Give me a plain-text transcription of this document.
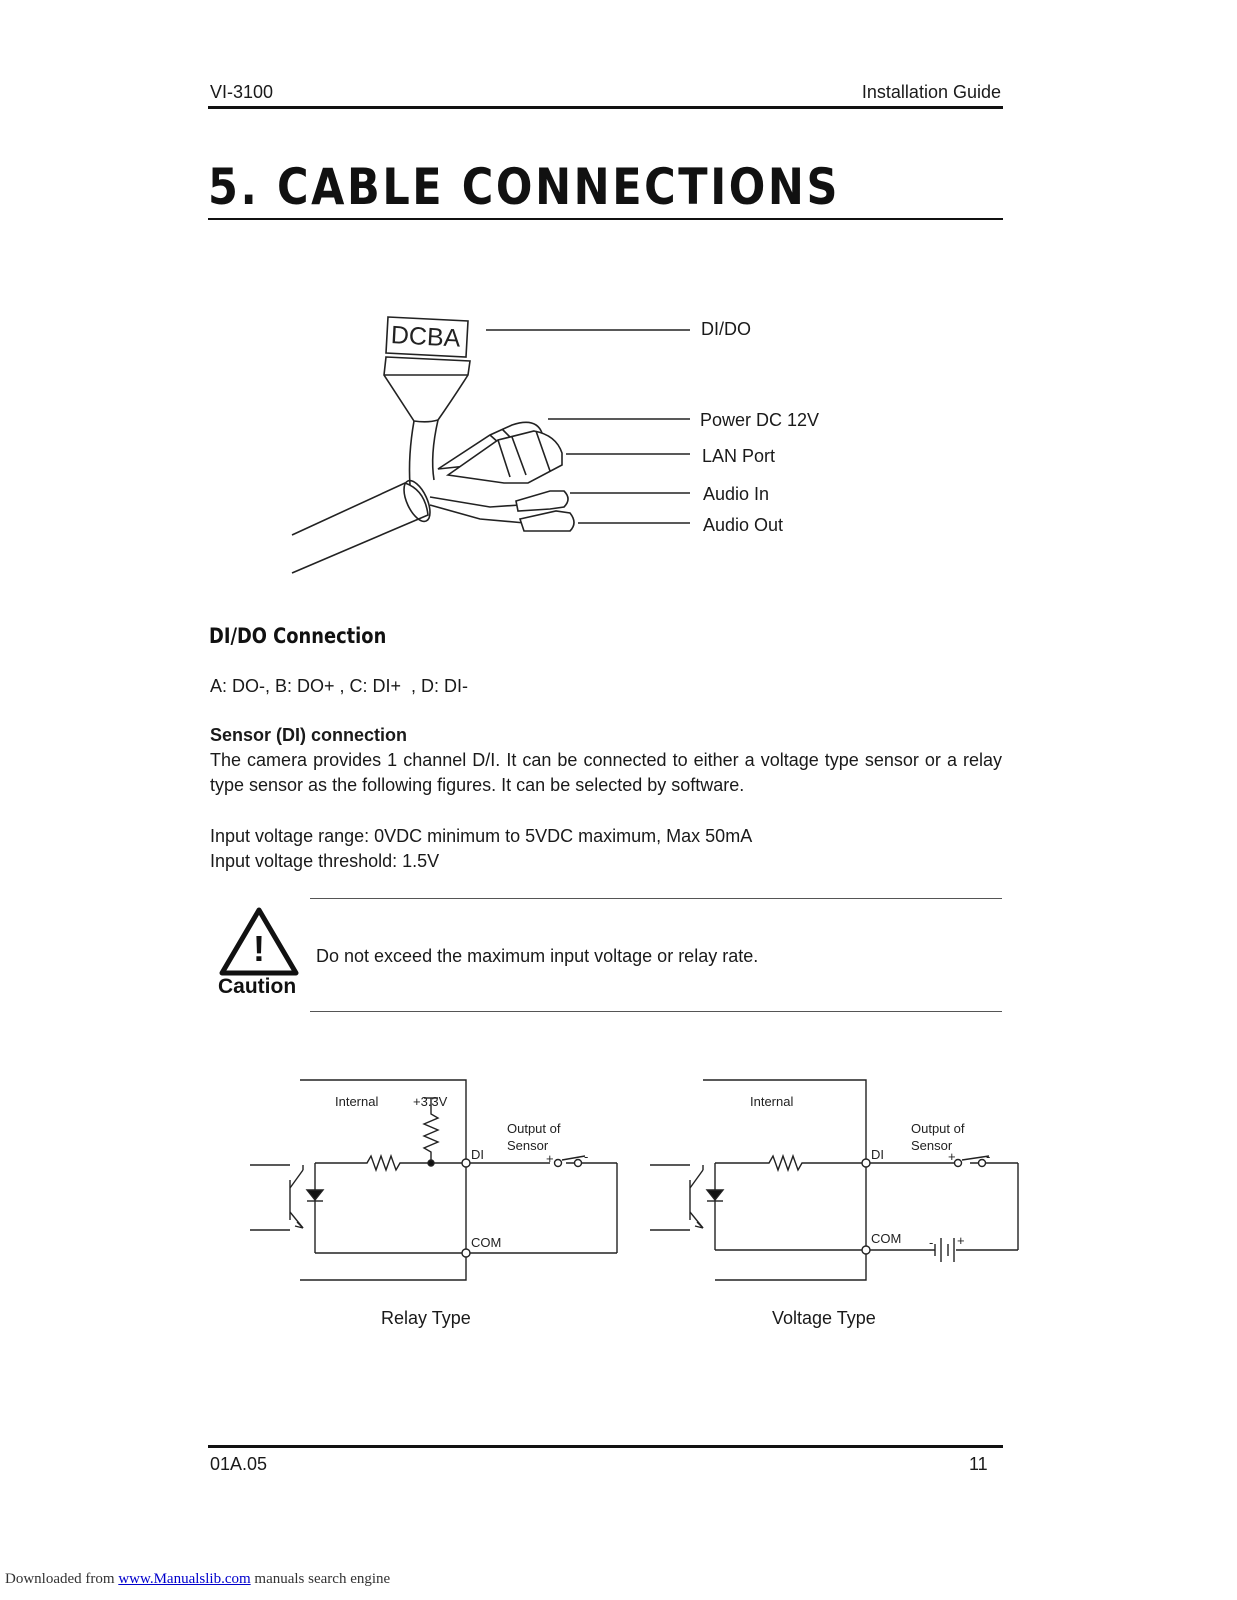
VI-3100	Installation Guide
5. CABLE CONNECTIONS
DCBA	DI/DO
Power DC 12V
LAN Port
Audio In
Audio Out
DI/DO Connection
A: DO-, B: DO+ , C: DI+  , D: DI-
Sensor (DI) connection
The camera provides 1 channel D/I. It can be connected to either a voltage type sensor or a relay type sensor as the following figures. It can be selected by software.
Input voltage range: 0VDC minimum to 5VDC maximum, Max 50mA
Input voltage threshold: 1.5V
!
Caution
Do not exceed the maximum input voltage or relay rate.
Internal	+3.3V
DI
COM
Output of
Sensor
+ -
Relay Type
Internal
DI
COM
Output of
Sensor
+ -
- +
Voltage Type
01A.05	11
Downloaded from www.Manualslib.com manuals search engine
